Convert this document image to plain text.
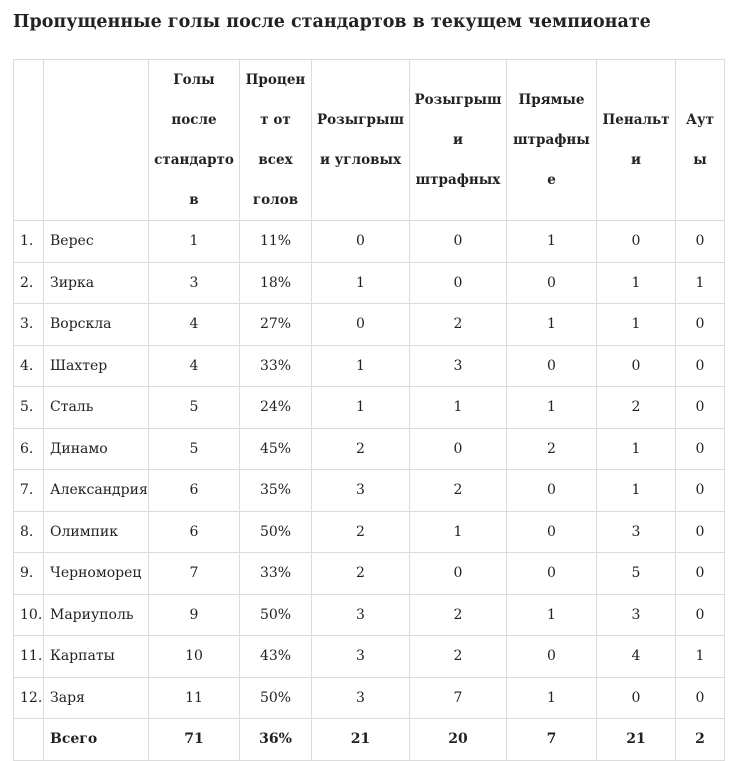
Пропущенные голы после стандартов в текущем чемпионате
		Голы после стандартов	Процент от всех голов	Розыгрыши угловых	Розыгрыши штрафных	Прямые штрафные	Пенальти	Ауты
1.	Верес	1	11%	0	0	1	0	0
2.	Зирка	3	18%	1	0	0	1	1
3.	Ворскла	4	27%	0	2	1	1	0
4.	Шахтер	4	33%	1	3	0	0	0
5.	Сталь	5	24%	1	1	1	2	0
6.	Динамо	5	45%	2	0	2	1	0
7.	Александрия	6	35%	3	2	0	1	0
8.	Олимпик	6	50%	2	1	0	3	0
9.	Черноморец	7	33%	2	0	0	5	0
10.	Мариуполь	9	50%	3	2	1	3	0
11.	Карпаты	10	43%	3	2	0	4	1
12.	Заря	11	50%	3	7	1	0	0
	Всего	71	36%	21	20	7	21	2
